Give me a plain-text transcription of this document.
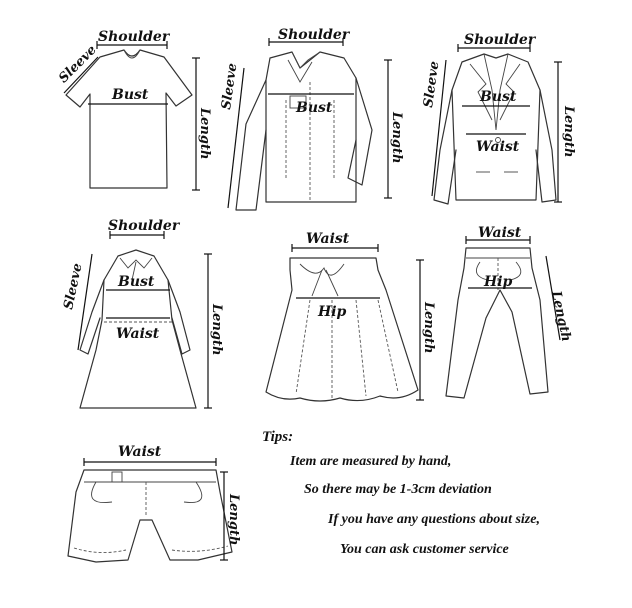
Shoulder
Sleeve
Bust
Length
Shoulder
Sleeve	Bust
Length
Shoulder
Sleeve	Bust
Waist	Length
Shoulder
Sleeve Bust
Waist	Length
Waist
Hip	Length
Waist
Hip
Length
Waist
Length
Tips:
Item are measured by hand,
So there may be 1-3cm deviation
If you have any questions about size,
You can ask customer service
